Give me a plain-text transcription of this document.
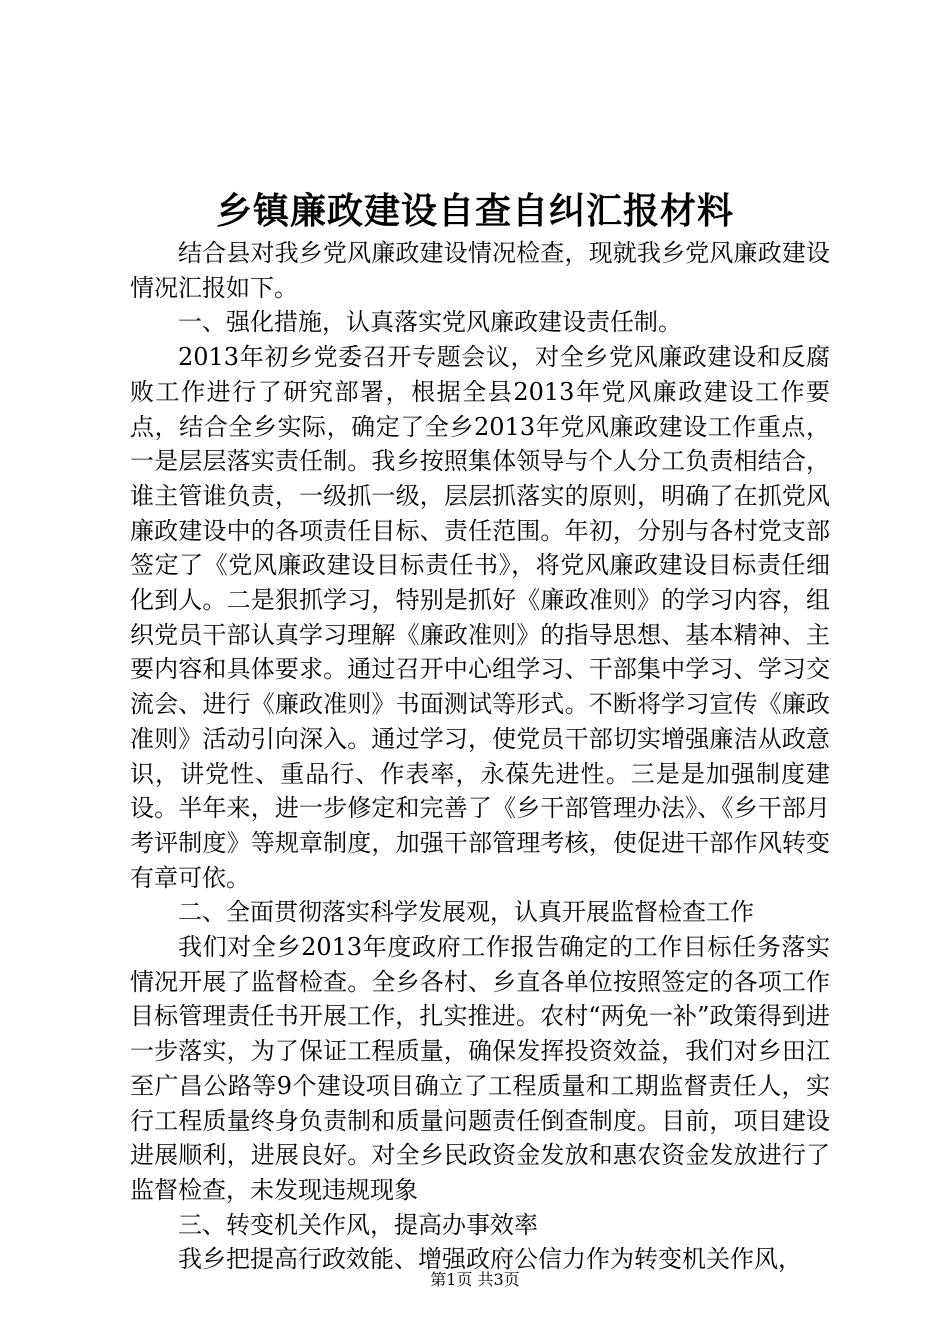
乡镇廉政建设自查自纠汇报材料

结合县对我乡党风廉政建设情况检查，现就我乡党风廉政建设情况汇报如下。

一、强化措施，认真落实党风廉政建设责任制。

2013年初乡党委召开专题会议，对全乡党风廉政建设和反腐败工作进行了研究部署，根据全县2013年党风廉政建设工作要点，结合全乡实际，确定了全乡2013年党风廉政建设工作重点，一是层层落实责任制。我乡按照集体领导与个人分工负责相结合，谁主管谁负责，一级抓一级，层层抓落实的原则，明确了在抓党风廉政建设中的各项责任目标、责任范围。年初，分别与各村党支部签定了《党风廉政建设目标责任书》，将党风廉政建设目标责任细化到人。二是狠抓学习，特别是抓好《廉政准则》的学习内容，组织党员干部认真学习理解《廉政准则》的指导思想、基本精神、主要内容和具体要求。通过召开中心组学习、干部集中学习、学习交流会、进行《廉政准则》书面测试等形式。不断将学习宣传《廉政准则》活动引向深入。通过学习，使党员干部切实增强廉洁从政意识，讲党性、重品行、作表率，永葆先进性。三是是加强制度建设。半年来，进一步修定和完善了《乡干部管理办法》、《乡干部月考评制度》等规章制度，加强干部管理考核，使促进干部作风转变有章可依。

二、全面贯彻落实科学发展观，认真开展监督检查工作

我们对全乡2013年度政府工作报告确定的工作目标任务落实情况开展了监督检查。全乡各村、乡直各单位按照签定的各项工作目标管理责任书开展工作，扎实推进。农村“两免一补”政策得到进一步落实，为了保证工程质量，确保发挥投资效益，我们对乡田江至广昌公路等9个建设项目确立了工程质量和工期监督责任人，实行工程质量终身负责制和质量问题责任倒查制度。目前，项目建设进展顺利，进展良好。对全乡民政资金发放和惠农资金发放进行了监督检查，未发现违规现象

三、转变机关作风，提高办事效率

我乡把提高行政效能、增强政府公信力作为转变机关作风，

第1页 共3页
